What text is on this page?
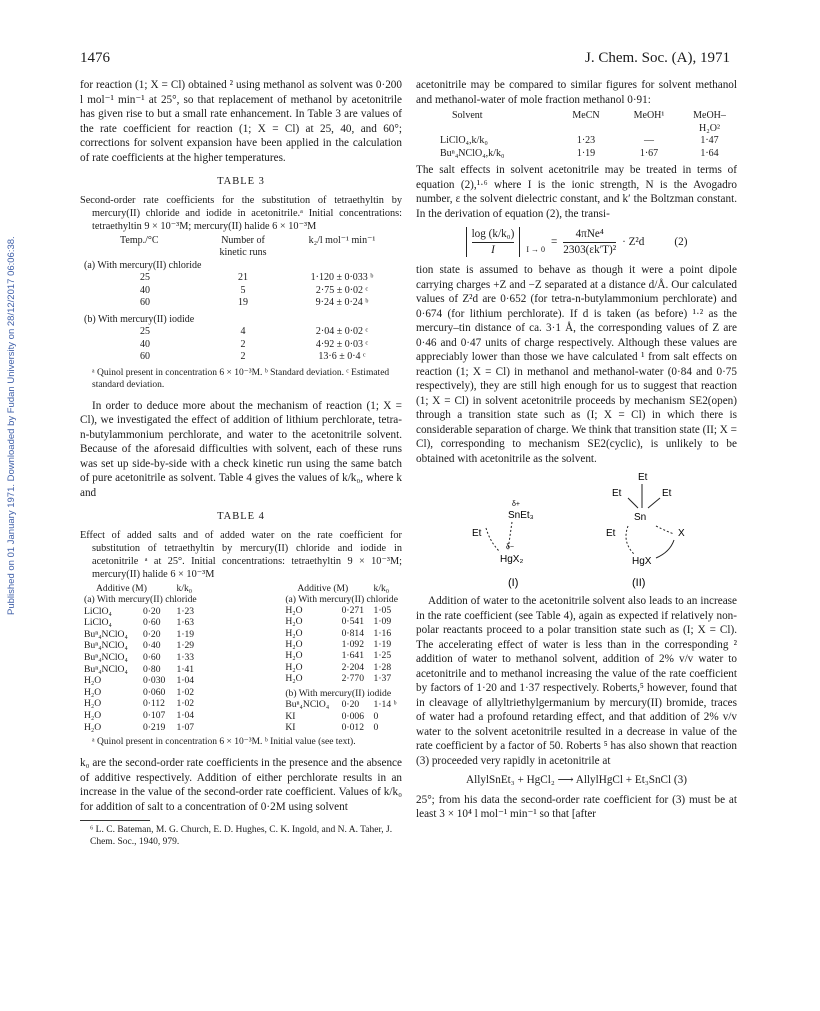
1476	J. Chem. Soc. (A), 1971
Published on 01 January 1971. Downloaded by Fudan University on 28/12/2017 06:06:38.

for reaction (1; X = Cl) obtained ² using methanol as solvent was 0·200 l mol⁻¹ min⁻¹ at 25°, so that replacement of methanol by acetonitrile has given rise to but a small rate enhancement. In Table 3 are values of the rate coefficient for reaction (1; X = Cl) at 25, 40, and 60°; corrections for solvent expansion have been applied in the calculation of rate coefficients at the higher temperatures.

TABLE 3
Second-order rate coefficients for the substitution of tetraethyltin by mercury(II) chloride and iodide in acetonitrile.ᵃ Initial concentrations: tetraethyltin 9 × 10⁻³M; mercury(II) halide 6 × 10⁻³M
Temp./°C	Number of kinetic runs	k₂/l mol⁻¹ min⁻¹
(a) With mercury(II) chloride		
25	21	1·120 ± 0·033 ᵇ
40	5	2·75 ± 0·02 ᶜ
60	19	9·24 ± 0·24 ᵇ
(b) With mercury(II) iodide		
25	4	2·04 ± 0·02 ᶜ
40	2	4·92 ± 0·03 ᶜ
60	2	13·6 ± 0·4 ᶜ
ᵃ Quinol present in concentration 6 × 10⁻³M. ᵇ Standard deviation. ᶜ Estimated standard deviation.

In order to deduce more about the mechanism of reaction (1; X = Cl), we investigated the effect of addition of lithium perchlorate, tetra-n-butylammonium perchlorate, and water to the acetonitrile solvent. Because of the aforesaid difficulties with solvent, each of these runs was set up side-by-side with a check kinetic run using the same batch of pure acetonitrile as solvent. Table 4 gives the values of k/k₀, where k and

TABLE 4
Effect of added salts and of added water on the rate coefficient for substitution of tetraethyltin by mercury(II) chloride and iodide in acetonitrile ᵃ at 25°. Initial concentrations: tetraethyltin 9 × 10⁻³M; mercury(II) halide 6 × 10⁻³M
Additive (M)		k/k₀
(a) With mercury(II) chloride		
LiClO₄	0·20	1·23
LiClO₄	0·60	1·63
Buⁿ₄NClO₄	0·20	1·19
Buⁿ₄NClO₄	0·40	1·29
Buⁿ₄NClO₄	0·60	1·33
Buⁿ₄NClO₄	0·80	1·41
H₂O	0·030	1·04
H₂O	0·060	1·02
H₂O	0·112	1·02
H₂O	0·107	1·04
H₂O	0·219	1·07
Additive (M)		k/k₀
(a) With mercury(II) chloride		
H₂O	0·271	1·05
H₂O	0·541	1·09
H₂O	0·814	1·16
H₂O	1·092	1·19
H₂O	1·641	1·25
H₂O	2·204	1·28
H₂O	2·770	1·37
(b) With mercury(II) iodide		
Buⁿ₄NClO₄	0·20	1·14 ᵇ
KI	0·006	0
KI	0·012	0
ᵃ Quinol present in concentration 6 × 10⁻³M. ᵇ Initial value (see text).

k₀ are the second-order rate coefficients in the presence and the absence of additive respectively. Addition of either perchlorate results in an increase in the value of the second-order rate coefficient. Values of k/k₀ for addition of salt to a concentration of 0·2M using solvent

⁶ L. C. Bateman, M. G. Church, E. D. Hughes, C. K. Ingold, and N. A. Taher, J. Chem. Soc., 1940, 979.

acetonitrile may be compared to similar figures for solvent methanol and methanol-water of mole fraction methanol 0·91:

Solvent	MeCN	MeOH¹	MeOH–H₂O²
LiClO₄,k/k₀	1·23	—	1·47
Buⁿ₄NClO₄,k/k₀	1·19	1·67	1·64

The salt effects in solvent acetonitrile may be treated in terms of equation (2),¹·⁶ where I is the ionic strength, N is the Avogadro number, ε the solvent dielectric constant, and k′ the Boltzman constant. In the derivation of equation (2), the transi-

$\frac{\text{log (k/k₀)}}{I}$ I → 0
=
4πNe⁴
2303(εk′T)²
· Z²d	(2)

tion state is assumed to behave as though it were a point dipole carrying charges +Z and −Z separated at a distance d/Å. Our calculated values of Z²d are 0·652 (for tetra-n-butylammonium perchlorate) and 0·674 (for lithium perchlorate). If d is taken (as before) ¹·² as the mercury–tin distance of ca. 3·1 Å, the corresponding values of Z are 0·46 and 0·47 units of charge respectively. Although these values are appreciably lower than those we have calculated ¹ from salt effects on reaction (1; X = Cl) in methanol and methanol-water (0·84 and 0·75 respectively), they are still high enough for us to suggest that reaction (1; X = Cl) in solvent acetonitrile proceeds by mechanism SE2(open) through a transition state such as (I; X = Cl) in which there is considerable separation of charge. We think that transition state (II; X = Cl), corresponding to mechanism SE2(cyclic), is unlikely to be obtained with acetonitrile as the solvent.

δ+
SnEt₃
Et
δ−
HgX₂
(I)
Et
Et	Et
Sn
Et	X
HgX
(II)

Addition of water to the acetonitrile solvent also leads to an increase in the rate coefficient (see Table 4), again as expected if relatively non-polar reactants proceed to a polar transition state such as (I; X = Cl). The accelerating effect of water is less than in the corresponding ² addition of water to methanol solvent, addition of 2% v/v water to acetonitrile and to methanol increasing the value of the rate coefficient by factors of 1·20 and 1·37 respectively. Roberts,⁵ however, found that in cleavage of allyltriethylgermanium by mercury(II) bromide, traces of water had a profound retarding effect, and that addition of 2% v/v water to the solvent acetonitrile resulted in a decrease in value of the rate coefficient by a factor of 50. Roberts ⁵ has also shown that reaction (3) proceeded very rapidly in acetonitrile at

AllylSnEt₃ + HgCl₂ ⟶ AllylHgCl + Et₃SnCl (3)

25°; from his data the second-order rate coefficient for (3) must be at least 3 × 10⁴ l mol⁻¹ min⁻¹ so that [after
